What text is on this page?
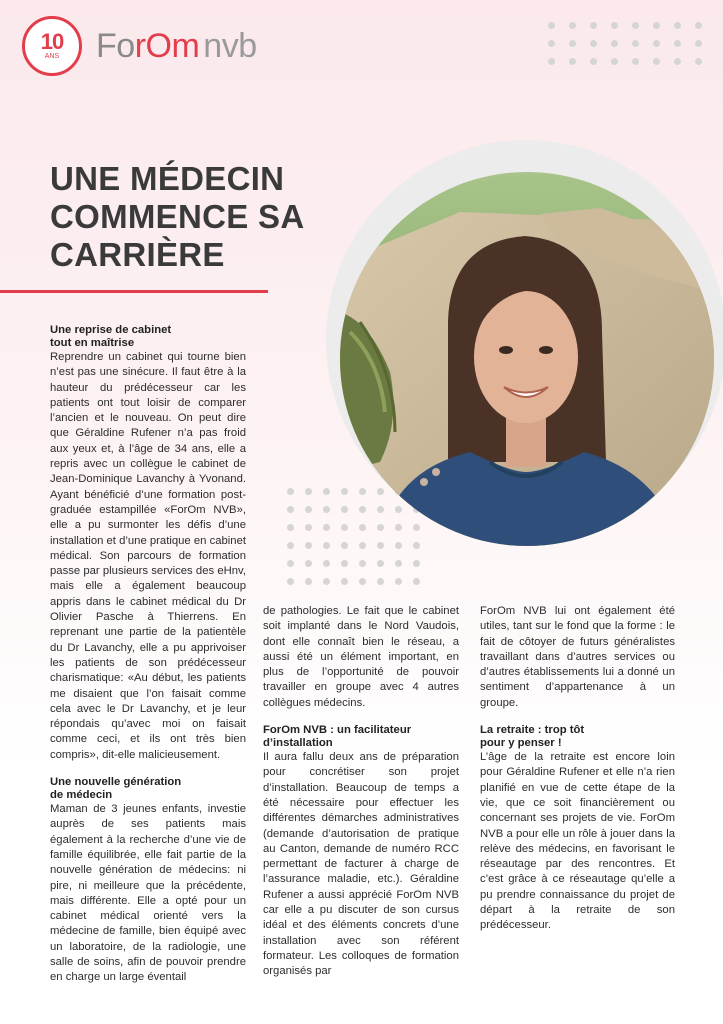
10
ANS ForOm nvb
UNE MÉDECIN
COMMENCE SA
CARRIÈRE
Une reprise de cabinet
tout en maîtrise

Reprendre un cabinet qui tourne bien n’est pas une sinécure. Il faut être à la hauteur du prédécesseur car les patients ont tout loisir de comparer l’ancien et le nouveau. On peut dire que Géraldine Rufener n’a pas froid aux yeux et, à l’âge de 34 ans, elle a repris avec un collègue le cabinet de Jean-Dominique Lavanchy à Yvonand. Ayant bénéficié d’une formation post-graduée estampillée «ForOm NVB», elle a pu surmonter les défis d’une installation et d’une pratique en cabinet médical. Son parcours de formation passe par plusieurs services des eHnv, mais elle a également beaucoup appris dans le cabinet médical du Dr Olivier Pasche à Thierrens. En reprenant une partie de la patientèle du Dr Lavanchy, elle a pu apprivoiser les patients de son prédécesseur charismatique: «Au début, les patients me disaient que l’on faisait comme cela avec le Dr Lavanchy, et je leur répondais qu’avec moi on faisait comme ceci, et ils ont très bien compris», dit-elle malicieusement.

Une nouvelle génération
de médecin

Maman de 3 jeunes enfants, investie auprès de ses patients mais également à la recherche d’une vie de famille équilibrée, elle fait partie de la nouvelle génération de médecins: ni pire, ni meilleure que la précédente, mais différente. Elle a opté pour un cabinet médical orienté vers la médecine de famille, bien équipé avec un laboratoire, de la radiologie, une salle de soins, afin de pouvoir prendre en charge un large éventail

de pathologies. Le fait que le cabinet soit implanté dans le Nord Vaudois, dont elle connaît bien le réseau, a aussi été un élément important, en plus de l’opportunité de pouvoir travailler en groupe avec 4 autres collègues médecins.

ForOm NVB : un facilitateur
d’installation

Il aura fallu deux ans de préparation pour concrétiser son projet d’installation. Beaucoup de temps a été nécessaire pour effectuer les différentes démarches administratives (demande d’autorisation de pratique au Canton, demande de numéro RCC permettant de facturer à charge de l’assurance maladie, etc.). Géraldine Rufener a aussi apprécié ForOm NVB car elle a pu discuter de son cursus idéal et des éléments concrets d’une installation avec son référent formateur. Les colloques de formation organisés par

ForOm NVB lui ont également été utiles, tant sur le fond que la forme : le fait de côtoyer de futurs généralistes travaillant dans d’autres services ou d’autres établissements lui a donné un sentiment d’appartenance à un groupe.

La retraite : trop tôt
pour y penser !

L’âge de la retraite est encore loin pour Géraldine Rufener et elle n’a rien planifié en vue de cette étape de la vie, que ce soit financièrement ou concernant ses projets de vie. ForOm NVB a pour elle un rôle à jouer dans la relève des médecins, en favorisant le réseautage par des rencontres. Et c’est grâce à ce réseautage qu’elle a pu prendre connaissance du projet de départ à la retraite de son prédécesseur.
